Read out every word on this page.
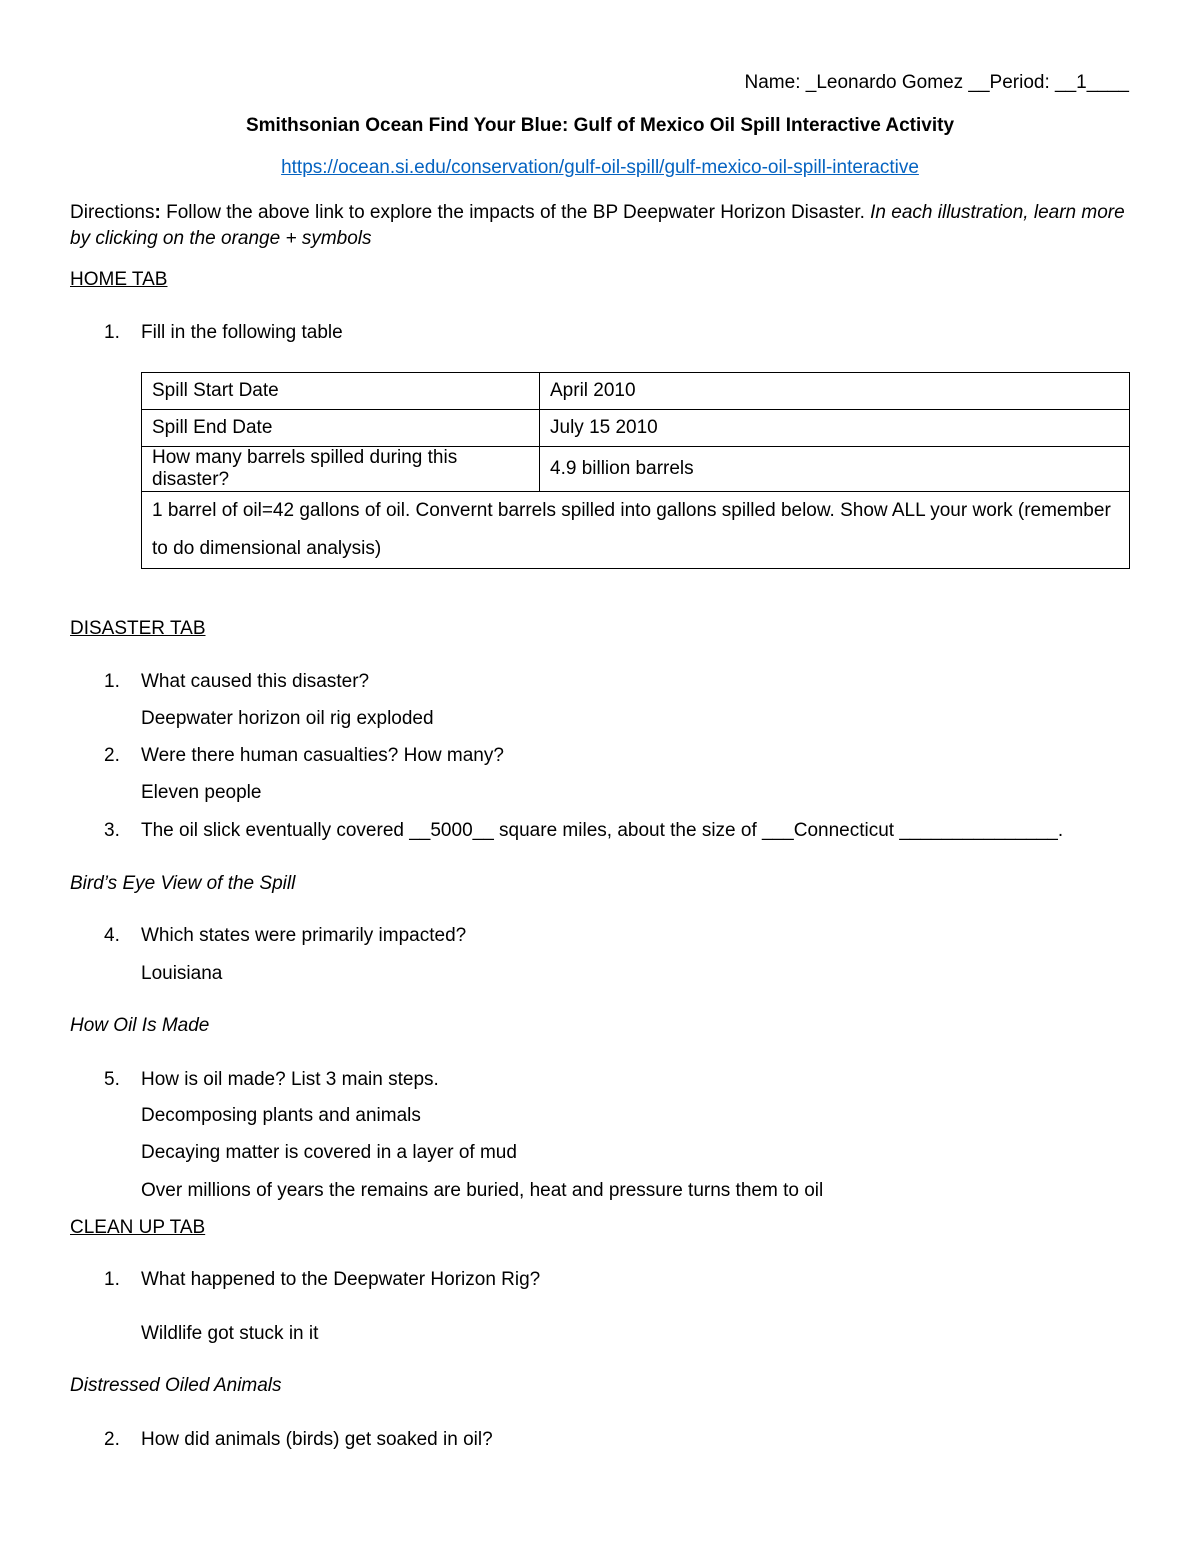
Name: _Leonardo Gomez __Period: __1____
Smithsonian Ocean Find Your Blue: Gulf of Mexico Oil Spill Interactive Activity
https://ocean.si.edu/conservation/gulf-oil-spill/gulf-mexico-oil-spill-interactive
Directions: Follow the above link to explore the impacts of the BP Deepwater Horizon Disaster. In each illustration, learn more by clicking on the orange + symbols
HOME TAB
1. Fill in the following table
Spill Start Date	April 2010
Spill End Date	July 15 2010
How many barrels spilled during this disaster?	4.9 billion barrels
1 barrel of oil=42 gallons of oil. Convernt barrels spilled into gallons spilled below. Show ALL your work (remember to do dimensional analysis)	
DISASTER TAB
1. What caused this disaster?
Deepwater horizon oil rig exploded
2. Were there human casualties? How many?
Eleven people
3. The oil slick eventually covered __5000__ square miles, about the size of ___Connecticut _______________.
Bird’s Eye View of the Spill
4. Which states were primarily impacted?
Louisiana
How Oil Is Made
5. How is oil made? List 3 main steps.
Decomposing plants and animals
Decaying matter is covered in a layer of mud
Over millions of years the remains are buried, heat and pressure turns them to oil
CLEAN UP TAB
1. What happened to the Deepwater Horizon Rig?
Wildlife got stuck in it
Distressed Oiled Animals
2. How did animals (birds) get soaked in oil?
